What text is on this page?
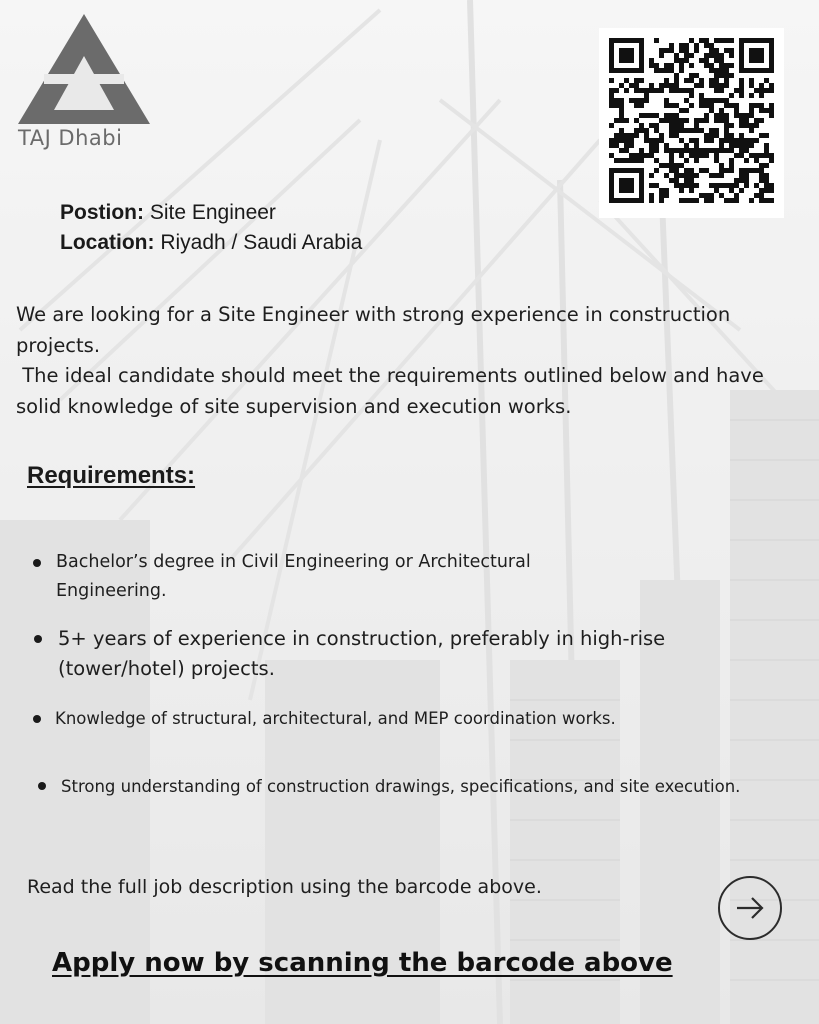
TAJ Dhabi
Postion: Site Engineer
Location: Riyadh / Saudi Arabia

We are looking for a Site Engineer with strong experience in construction projects.

The ideal candidate should meet the requirements outlined below and have solid knowledge of site supervision and execution works.

Requirements:
Bachelor’s degree in Civil Engineering or Architectural Engineering.
5+ years of experience in construction, preferably in high-rise (tower/hotel) projects.
Knowledge of structural, architectural, and MEP coordination works.
Strong understanding of construction drawings, specifications, and site execution.
Read the full job description using the barcode above.
Apply now by scanning the barcode above
